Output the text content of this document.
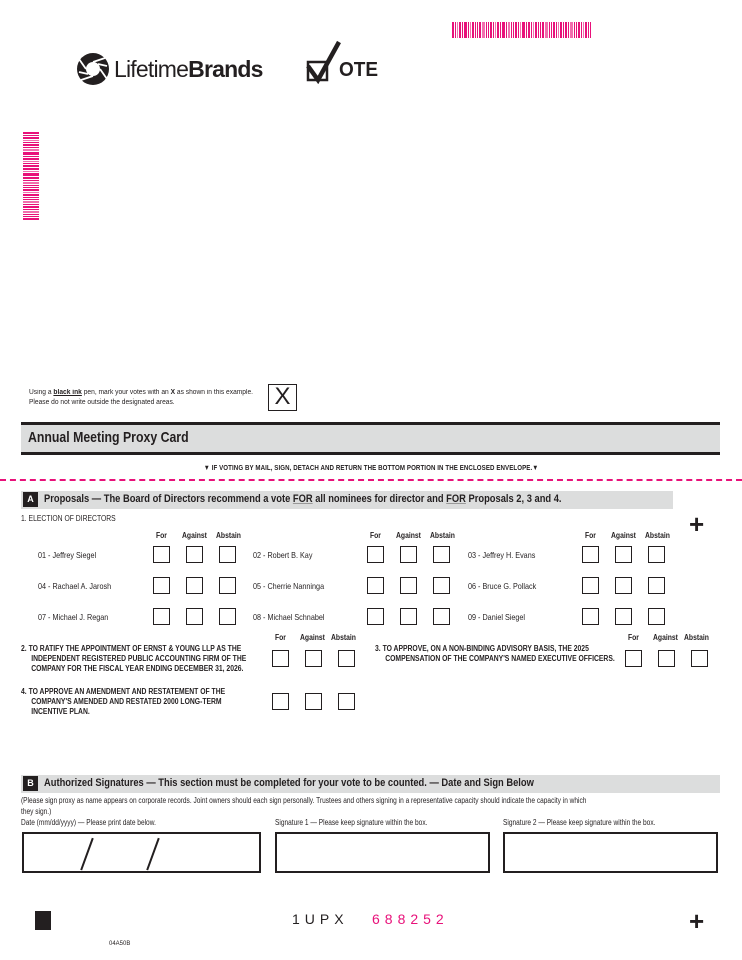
LifetimeBrands	OTE
Using a black ink pen, mark your votes with an X as shown in this example.
Please do not write outside the designated areas.	X
Annual Meeting Proxy Card
▼ IF VOTING BY MAIL, SIGN, DETACH AND RETURN THE BOTTOM PORTION IN THE ENCLOSED ENVELOPE.▼
A Proposals — The Board of Directors recommend a vote FOR all nominees for director and FOR Proposals 2, 3 and 4.
1. ELECTION OF DIRECTORS	+
For Against Abstain	For Against Abstain	For Against Abstain
01 - Jeffrey Siegel	02 - Robert B. Kay	03 - Jeffrey H. Evans
04 - Rachael A. Jarosh	05 - Cherrie Nanninga	06 - Bruce G. Pollack
07 - Michael J. Regan	08 - Michael Schnabel	09 - Daniel Siegel
2. TO RATIFY THE APPOINTMENT OF ERNST & YOUNG LLP AS THE
INDEPENDENT REGISTERED PUBLIC ACCOUNTING FIRM OF THE
COMPANY FOR THE FISCAL YEAR ENDING DECEMBER 31, 2026.
For Against Abstain
3. TO APPROVE, ON A NON-BINDING ADVISORY BASIS, THE 2025
COMPENSATION OF THE COMPANY'S NAMED EXECUTIVE OFFICERS.
For Against Abstain
4. TO APPROVE AN AMENDMENT AND RESTATEMENT OF THE
COMPANY'S AMENDED AND RESTATED 2000 LONG-TERM
INCENTIVE PLAN.
B Authorized Signatures — This section must be completed for your vote to be counted. — Date and Sign Below
(Please sign proxy as name appears on corporate records. Joint owners should each sign personally. Trustees and others signing in a representative capacity should indicate the capacity in which
they sign.)
Date (mm/dd/yyyy) — Please print date below.	Signature 1 — Please keep signature within the box.	Signature 2 — Please keep signature within the box.
1UPX 688252	+
04A50B
